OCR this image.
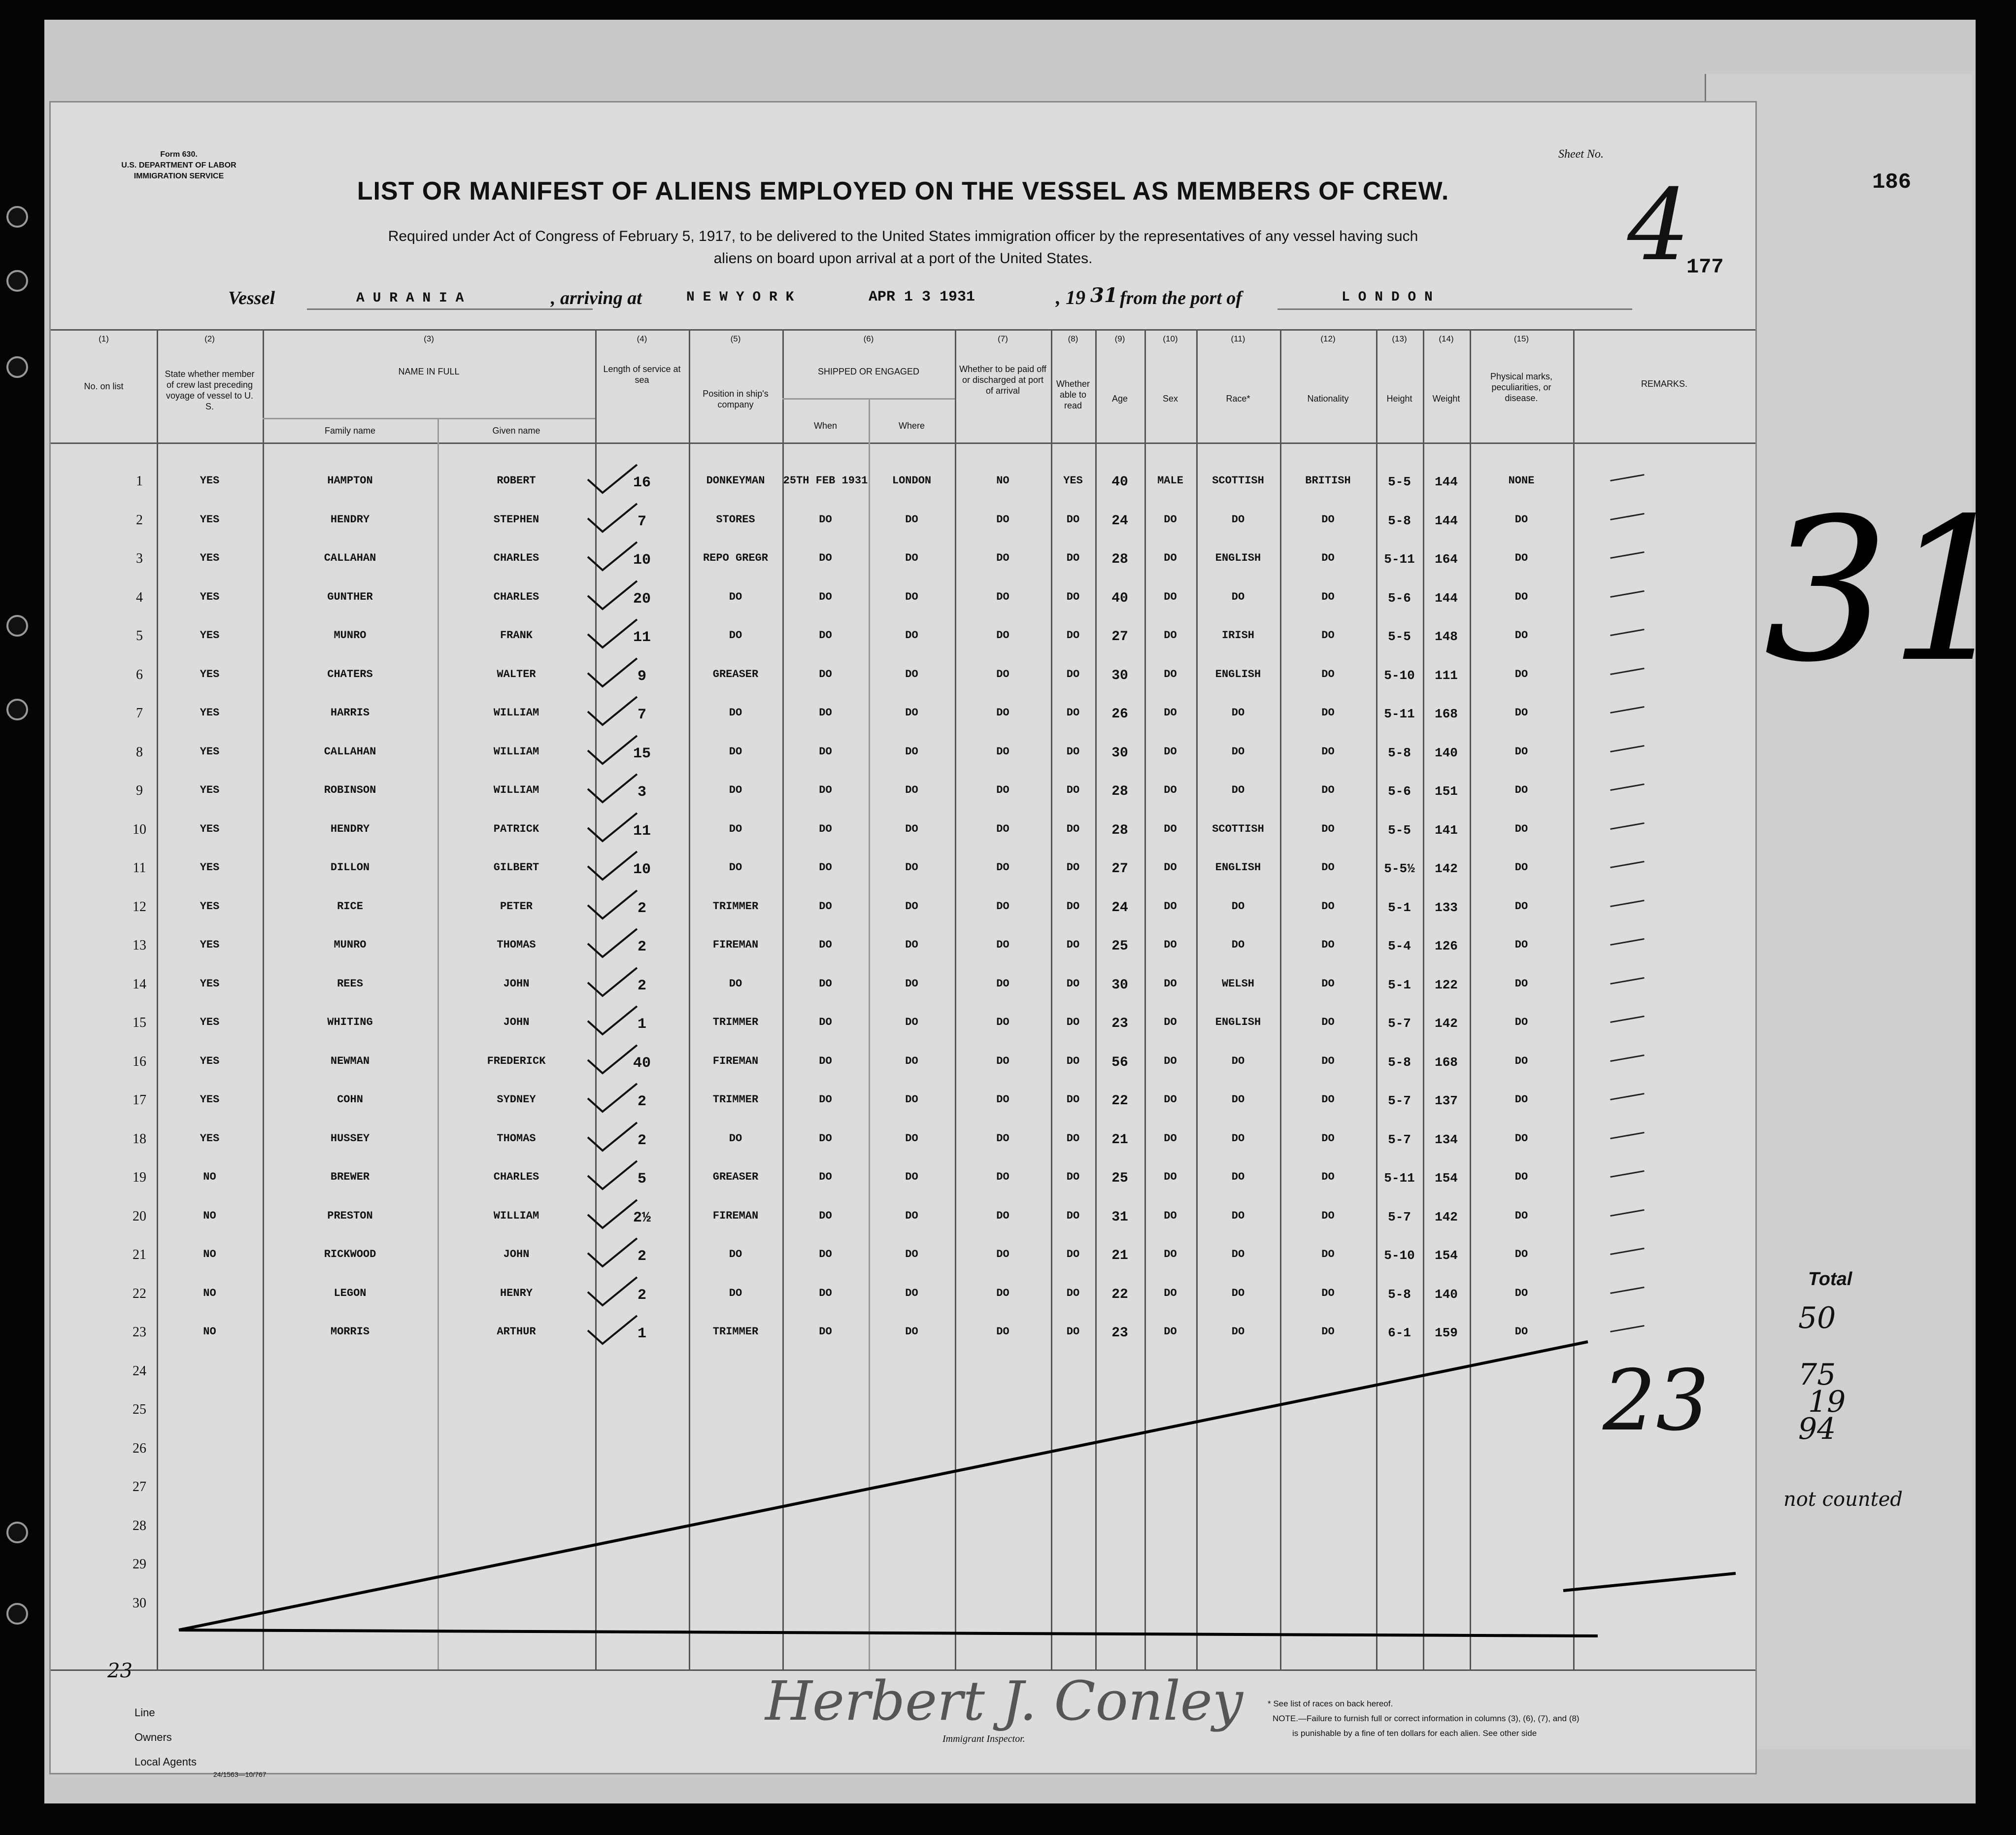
186
31
Total
50
75
19
94
not counted
Form 630.
U.S. DEPARTMENT OF LABOR
IMMIGRATION SERVICE
LIST OR MANIFEST OF ALIENS EMPLOYED ON THE VESSEL AS MEMBERS OF CREW.
Required under Act of Congress of February 5, 1917, to be delivered to the United States immigration officer by the representatives of any vessel having such
aliens on board upon arrival at a port of the United States.
Sheet No.
4
177
Vessel	A U R A N I A	, arriving at	N E W Y O R K	APR 1 3 1931	, 19 31 from the port of	L O N D O N
(1)	(2)	(3)	(4)	(5)	(6)	(7)	(8)	(9)	(10)	(11)	(12)	(13)	(14)	(15)
No. on list
State whether member of crew last preceding voyage of vessel to U. S.
NAME IN FULL
Family name	Given name
Length of service at sea
Position in ship's company
SHIPPED OR ENGAGED
When	Where
Whether to be paid off or discharged at port of arrival
Whether able to read
Age	Sex	Race*	Nationality	Height	Weight
Physical marks, peculiarities, or disease.
REMARKS.
1	YES	HAMPTON	ROBERT	16	DONKEYMAN	25TH FEB 1931	LONDON	NO	YES	40	MALE	SCOTTISH	BRITISH	5-5	144	NONE
2	YES	HENDRY	STEPHEN	7	STORES	DO	DO	DO	DO	24	DO	DO	DO	5-8	144	DO
3	YES	CALLAHAN	CHARLES	10	REPO GREGR	DO	DO	DO	DO	28	DO	ENGLISH	DO	5-11	164	DO
4	YES	GUNTHER	CHARLES	20	DO	DO	DO	DO	DO	40	DO	DO	DO	5-6	144	DO
5	YES	MUNRO	FRANK	11	DO	DO	DO	DO	DO	27	DO	IRISH	DO	5-5	148	DO
6	YES	CHATERS	WALTER	9	GREASER	DO	DO	DO	DO	30	DO	ENGLISH	DO	5-10	111	DO
7	YES	HARRIS	WILLIAM	7	DO	DO	DO	DO	DO	26	DO	DO	DO	5-11	168	DO
8	YES	CALLAHAN	WILLIAM	15	DO	DO	DO	DO	DO	30	DO	DO	DO	5-8	140	DO
9	YES	ROBINSON	WILLIAM	3	DO	DO	DO	DO	DO	28	DO	DO	DO	5-6	151	DO
10	YES	HENDRY	PATRICK	11	DO	DO	DO	DO	DO	28	DO	SCOTTISH	DO	5-5	141	DO
11	YES	DILLON	GILBERT	10	DO	DO	DO	DO	DO	27	DO	ENGLISH	DO	5-5½	142	DO
12	YES	RICE	PETER	2	TRIMMER	DO	DO	DO	DO	24	DO	DO	DO	5-1	133	DO
13	YES	MUNRO	THOMAS	2	FIREMAN	DO	DO	DO	DO	25	DO	DO	DO	5-4	126	DO
14	YES	REES	JOHN	2	DO	DO	DO	DO	DO	30	DO	WELSH	DO	5-1	122	DO
15	YES	WHITING	JOHN	1	TRIMMER	DO	DO	DO	DO	23	DO	ENGLISH	DO	5-7	142	DO
16	YES	NEWMAN	FREDERICK	40	FIREMAN	DO	DO	DO	DO	56	DO	DO	DO	5-8	168	DO
17	YES	COHN	SYDNEY	2	TRIMMER	DO	DO	DO	DO	22	DO	DO	DO	5-7	137	DO
18	YES	HUSSEY	THOMAS	2	DO	DO	DO	DO	DO	21	DO	DO	DO	5-7	134	DO
19	NO	BREWER	CHARLES	5	GREASER	DO	DO	DO	DO	25	DO	DO	DO	5-11	154	DO
20	NO	PRESTON	WILLIAM	2½	FIREMAN	DO	DO	DO	DO	31	DO	DO	DO	5-7	142	DO
21	NO	RICKWOOD	JOHN	2	DO	DO	DO	DO	DO	21	DO	DO	DO	5-10	154	DO
22	NO	LEGON	HENRY	2	DO	DO	DO	DO	DO	22	DO	DO	DO	5-8	140	DO
23	NO	MORRIS	ARTHUR	1	TRIMMER	DO	DO	DO	DO	23	DO	DO	DO	6-1	159	DO
24
25
26
27
28
29
30
23
23
Line
Owners
Local Agents
24/1563—10/767
Herbert J. Conley
Immigrant Inspector.
* See list of races on back hereof.
NOTE.—Failure to furnish full or correct information in columns (3), (6), (7), and (8)
is punishable by a fine of ten dollars for each alien. See other side
